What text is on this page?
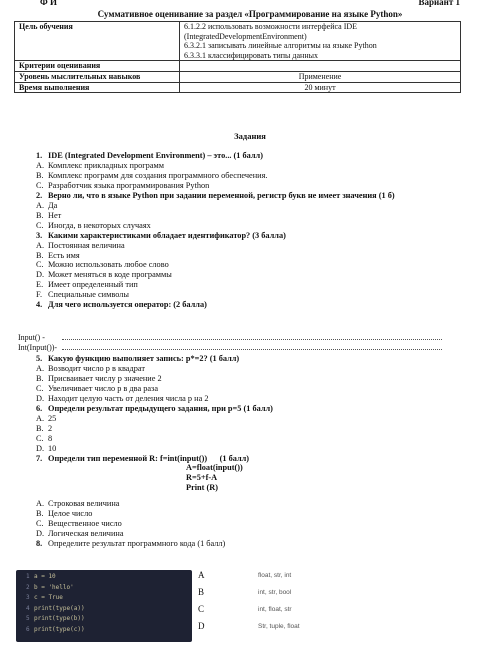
Ф И	Вариант 1
Суммативное оценивание за раздел «Программирование на языке Python»
Цель обучения	6.1.2.2 использовать возможности интерфейса IDE
(IntegratedDevelopmentEnvironment)
6.3.2.1 записывать линейные алгоритмы на языке Python
6.3.3.1 классифицировать типы данных

Критерии оценивания	
Уровень мыслительных навыков	Применение
Время выполнения	20 минут
Задания
1. IDE (Integrated Development Environment) – это... (1 балл)
A. Комплекс прикладных программ
B. Комплекс программ для создания программного обеспечения.
C. Разработчик языка программирования Python
2. Верно ли, что в языке Python при задании переменной, регистр букв не имеет значения (1 б)
A. Да
B. Нет
C. Иногда, в некоторых случаях
3. Какими характеристиками обладает идентификатор? (3 балла)
A. Постоянная величина
B. Есть имя
C. Можно использовать любое слово
D. Может меняться в коде программы
E. Имеет определенный тип
F. Специальные символы
4. Для чего используется оператор: (2 балла)
Input() -
Int(Input())-
5. Какую функцию выполняет запись: p*=2? (1 балл)
A. Возводит число p в квадрат
B. Присваивает числу p значение 2
C. Увеличивает число p в два раза
D. Находит целую часть от деления числа p на 2
6. Определи результат предыдущего задания, при p=5 (1 балл)
A. 25
B. 2
C. 8
D. 10
7. Определи тип переменной R: f=int(input()) (1 балл)
A=float(input())
R=5+f-A
Print (R)
A. Строковая величина
B. Целое число
C. Вещественное число
D. Логическая величина
8. Определите результат программного кода (1 балл)
1 a = 10
2 b = 'hello'
3 c = True
4 print(type(a))
5 print(type(b))
6 print(type(c))
A	float, str, int
B	int, str, bool
C	int, float, str
D	Str, tuple, float
